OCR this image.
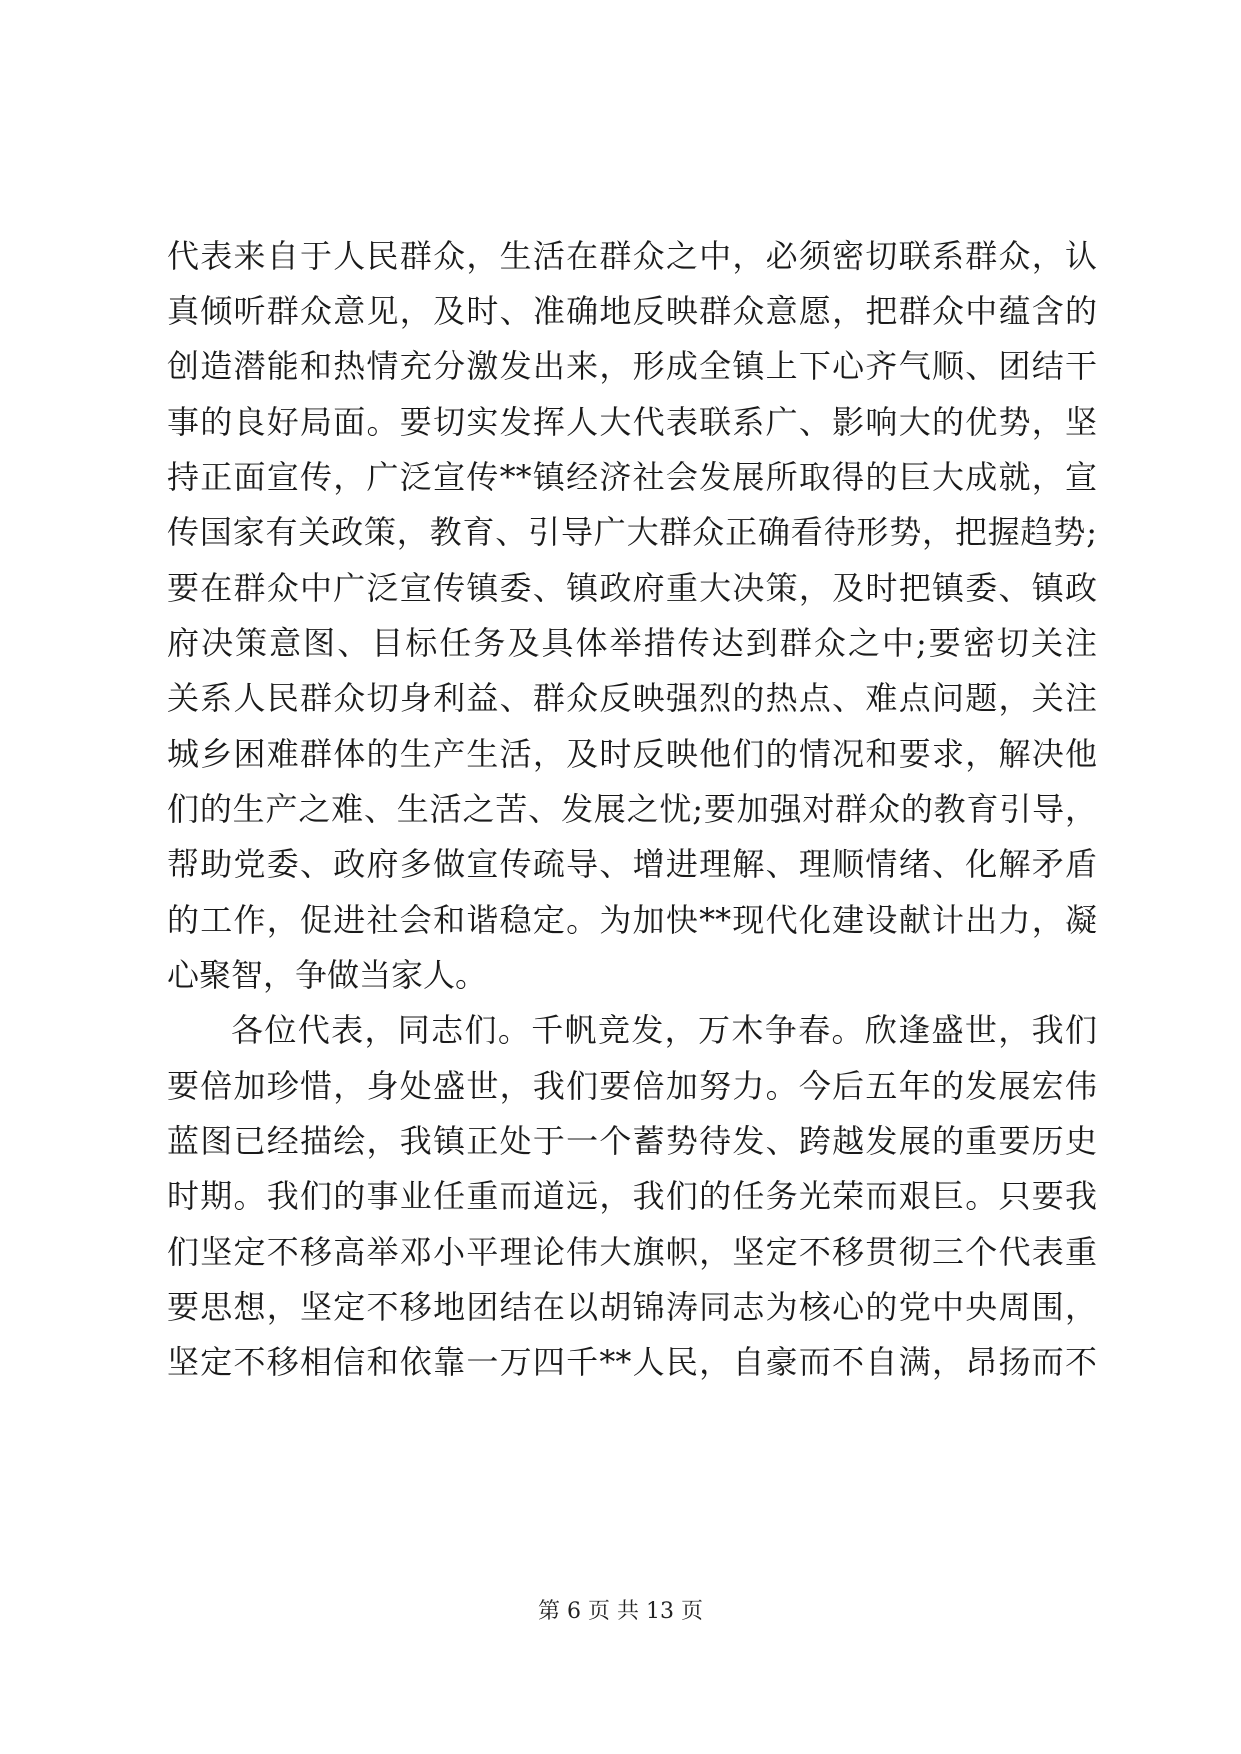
代表来自于人民群众，生活在群众之中，必须密切联系群众，认
真倾听群众意见，及时、准确地反映群众意愿，把群众中蕴含的
创造潜能和热情充分激发出来，形成全镇上下心齐气顺、团结干
事的良好局面。要切实发挥人大代表联系广、影响大的优势，坚
持正面宣传，广泛宣传**镇经济社会发展所取得的巨大成就，宣
传国家有关政策，教育、引导广大群众正确看待形势，把握趋势;
要在群众中广泛宣传镇委、镇政府重大决策，及时把镇委、镇政
府决策意图、目标任务及具体举措传达到群众之中;要密切关注
关系人民群众切身利益、群众反映强烈的热点、难点问题，关注
城乡困难群体的生产生活，及时反映他们的情况和要求，解决他
们的生产之难、生活之苦、发展之忧;要加强对群众的教育引导，
帮助党委、政府多做宣传疏导、增进理解、理顺情绪、化解矛盾
的工作，促进社会和谐稳定。为加快**现代化建设献计出力，凝
心聚智，争做当家人。
各位代表，同志们。千帆竞发，万木争春。欣逢盛世，我们
要倍加珍惜，身处盛世，我们要倍加努力。今后五年的发展宏伟
蓝图已经描绘，我镇正处于一个蓄势待发、跨越发展的重要历史
时期。我们的事业任重而道远，我们的任务光荣而艰巨。只要我
们坚定不移高举邓小平理论伟大旗帜，坚定不移贯彻三个代表重
要思想，坚定不移地团结在以胡锦涛同志为核心的党中央周围，
坚定不移相信和依靠一万四千**人民，自豪而不自满，昂扬而不
第 6 页 共 13 页
